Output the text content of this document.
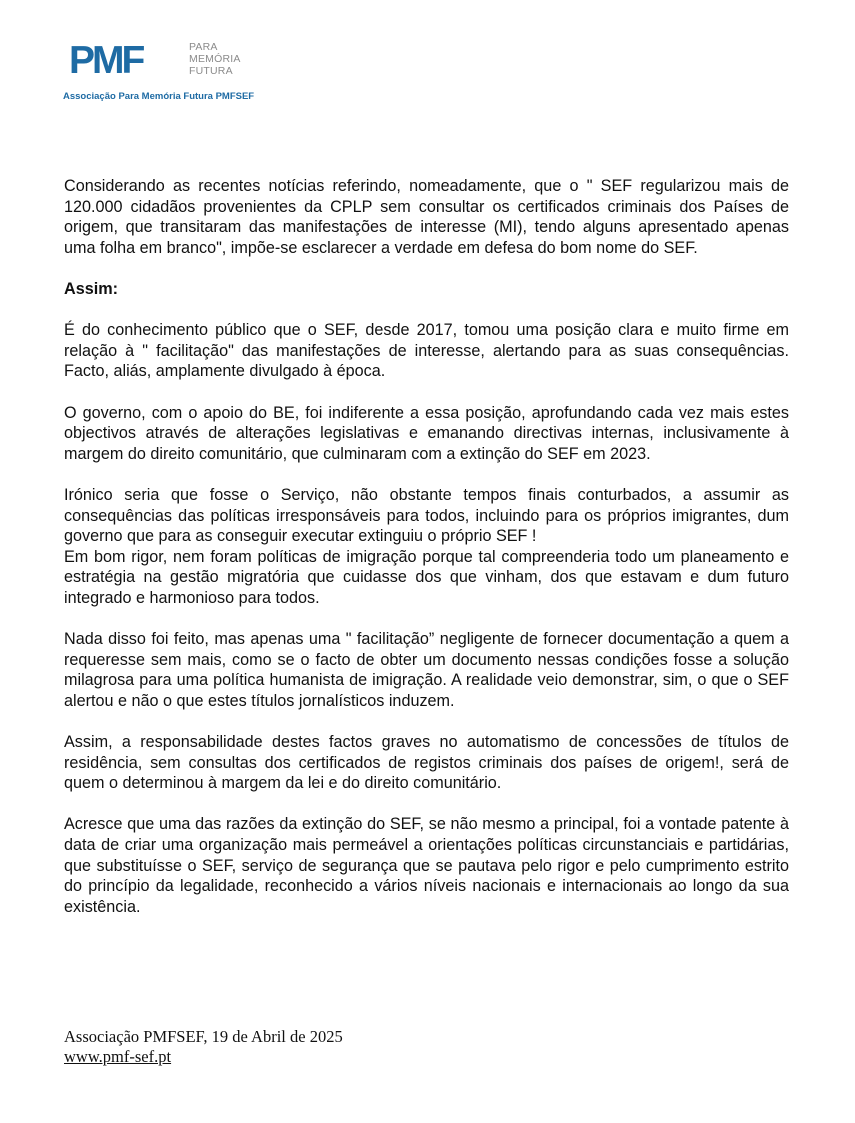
PMF	PARA
MEMÓRIA
FUTURA
Associação Para Memória Futura PMFSEF

Considerando as recentes notícias referindo, nomeadamente, que o " SEF regularizou mais de 120.000 cidadãos provenientes da CPLP sem consultar os certificados criminais dos Países de origem, que transitaram das manifestações de interesse (MI), tendo alguns apresentado apenas uma folha em branco", impõe-se esclarecer a verdade em defesa do bom nome do SEF.

Assim:

É do conhecimento público que o SEF, desde 2017, tomou uma posição clara e muito firme em relação à " facilitação" das manifestações de interesse, alertando para as suas consequências. Facto, aliás, amplamente divulgado à época.

O governo, com o apoio do BE, foi indiferente a essa posição, aprofundando cada vez mais estes objectivos através de alterações legislativas e emanando directivas internas, inclusivamente à margem do direito comunitário, que culminaram com a extinção do SEF em 2023.

Irónico seria que fosse o Serviço, não obstante tempos finais conturbados, a assumir as consequências das políticas irresponsáveis para todos, incluindo para os próprios imigrantes, dum governo que para as conseguir executar extinguiu o próprio SEF !

Em bom rigor, nem foram políticas de imigração porque tal compreenderia todo um planeamento e estratégia na gestão migratória que cuidasse dos que vinham, dos que estavam e dum futuro integrado e harmonioso para todos.

Nada disso foi feito, mas apenas uma " facilitação” negligente de fornecer documentação a quem a requeresse sem mais, como se o facto de obter um documento nessas condições fosse a solução milagrosa para uma política humanista de imigração. A realidade veio demonstrar, sim, o que o SEF alertou e não o que estes títulos jornalísticos induzem.

Assim, a responsabilidade destes factos graves no automatismo de concessões de títulos de residência, sem consultas dos certificados de registos criminais dos países de origem!, será de quem o determinou à margem da lei e do direito comunitário.

Acresce que uma das razões da extinção do SEF, se não mesmo a principal, foi a vontade patente à data de criar uma organização mais permeável a orientações políticas circunstanciais e partidárias, que substituísse o SEF, serviço de segurança que se pautava pelo rigor e pelo cumprimento estrito do princípio da legalidade, reconhecido a vários níveis nacionais e internacionais ao longo da sua existência.

Associação PMFSEF, 19 de Abril de 2025
www.pmf-sef.pt
